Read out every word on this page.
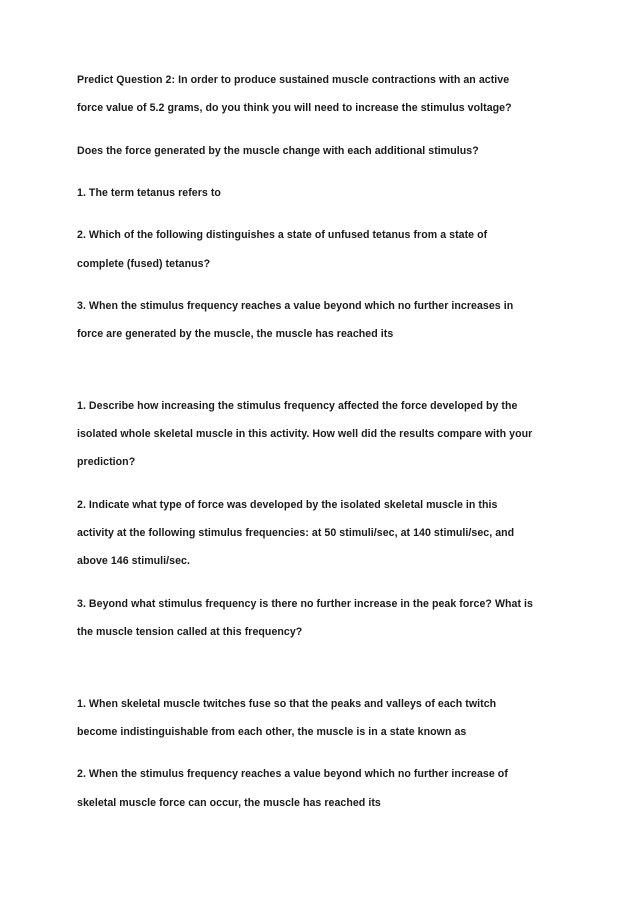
Predict Question 2: In order to produce sustained muscle contractions with an active
force value of 5.2 grams, do you think you will need to increase the stimulus voltage?
Does the force generated by the muscle change with each additional stimulus?
1. The term tetanus refers to
2. Which of the following distinguishes a state of unfused tetanus from a state of
complete (fused) tetanus?
3. When the stimulus frequency reaches a value beyond which no further increases in
force are generated by the muscle, the muscle has reached its
1. Describe how increasing the stimulus frequency affected the force developed by the
isolated whole skeletal muscle in this activity. How well did the results compare with your
prediction?
2. Indicate what type of force was developed by the isolated skeletal muscle in this
activity at the following stimulus frequencies: at 50 stimuli/sec, at 140 stimuli/sec, and
above 146 stimuli/sec.
3. Beyond what stimulus frequency is there no further increase in the peak force? What is
the muscle tension called at this frequency?
1. When skeletal muscle twitches fuse so that the peaks and valleys of each twitch
become indistinguishable from each other, the muscle is in a state known as
2. When the stimulus frequency reaches a value beyond which no further increase of
skeletal muscle force can occur, the muscle has reached its
